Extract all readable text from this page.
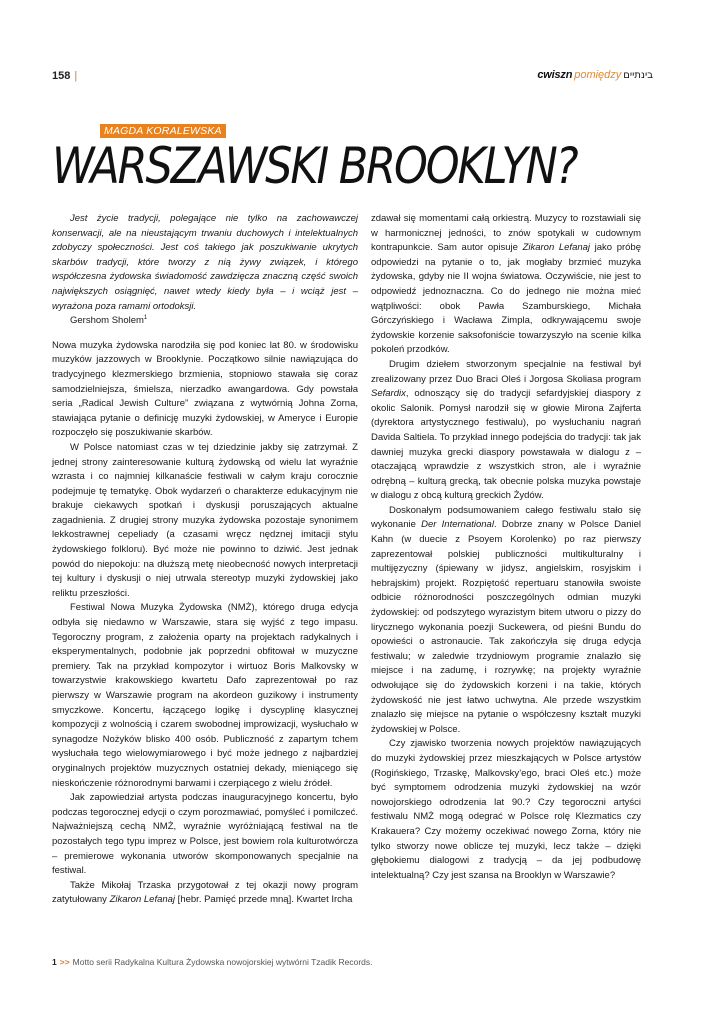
158 |	cwiszn pomiędzy בינתיים
MAGDA KORALEWSKA
WARSZAWSKI BROOKLYN?

Jest życie tradycji, polegające nie tylko na zachowawczej konserwacji, ale na nieustającym trwaniu duchowych i intelektualnych zdobyczy społeczności. Jest coś takiego jak poszukiwanie ukrytych skarbów tradycji, które tworzy z nią żywy związek, i którego współczesna żydowska świadomość zawdzięcza znaczną część swoich największych osiągnięć, nawet wtedy kiedy była – i wciąż jest – wyrażona poza ramami ortodoksji.

Gershom Sholem$^1$

Nowa muzyka żydowska narodziła się pod koniec lat 80. w środowisku muzyków jazzowych w Brooklynie. Początkowo silnie nawiązująca do tradycyjnego klezmerskiego brzmienia, stopniowo stawała się coraz samodzielniejsza, śmielsza, nierzadko awangardowa. Gdy powstała seria „Radical Jewish Culture” związana z wytwórnią Johna Zorna, stawiająca pytanie o definicję muzyki żydowskiej, w Ameryce i Europie rozpoczęło się poszukiwanie skarbów.

W Polsce natomiast czas w tej dziedzinie jakby się zatrzymał. Z jednej strony zainteresowanie kulturą żydowską od wielu lat wyraźnie wzrasta i co najmniej kilkanaście festiwali w całym kraju corocznie podejmuje tę tematykę. Obok wydarzeń o charakterze edukacyjnym nie brakuje ciekawych spotkań i dyskusji poruszających aktualne zagadnienia. Z drugiej strony muzyka żydowska pozostaje synonimem lekkostrawnej cepeliady (a czasami wręcz nędznej imitacji stylu żydowskiego folkloru). Być może nie powinno to dziwić. Jest jednak powód do niepokoju: na dłuższą metę nieobecność nowych interpretacji tej kultury i dyskusji o niej utrwala stereotyp muzyki żydowskiej jako reliktu przeszłości.

Festiwal Nowa Muzyka Żydowska (NMŻ), którego druga edycja odbyła się niedawno w Warszawie, stara się wyjść z tego impasu. Tegoroczny program, z założenia oparty na projektach radykalnych i eksperymentalnych, podobnie jak poprzedni obfitował w muzyczne premiery. Tak na przykład kompozytor i wirtuoz Boris Malkovsky w towarzystwie krakowskiego kwartetu Dafo zaprezentował po raz pierwszy w Warszawie program na akordeon guzikowy i instrumenty smyczkowe. Koncertu, łączącego logikę i dyscyplinę klasycznej kompozycji z wolnością i czarem swobodnej improwizacji, wysłuchało w synagodze Nożyków blisko 400 osób. Publiczność z zapartym tchem wysłuchała tego wielowymiarowego i być może jednego z najbardziej oryginalnych projektów muzycznych ostatniej dekady, mieniącego się nieskończenie różnorodnymi barwami i czerpiącego z wielu źródeł.

Jak zapowiedział artysta podczas inauguracyjnego koncertu, było podczas tegorocznej edycji o czym porozmawiać, pomyśleć i pomilczeć. Najważniejszą cechą NMŻ, wyraźnie wyróżniającą festiwal na tle pozostałych tego typu imprez w Polsce, jest bowiem rola kulturotwórcza – premierowe wykonania utworów skomponowanych specjalnie na festiwal.

Także Mikołaj Trzaska przygotował z tej okazji nowy program zatytułowany Zikaron Lefanaj [hebr. Pamięć przede mną]. Kwartet Ircha

zdawał się momentami całą orkiestrą. Muzycy to rozstawiali się w harmonicznej jedności, to znów spotykali w cudownym kontrapunkcie. Sam autor opisuje Zikaron Lefanaj jako próbę odpowiedzi na pytanie o to, jak mogłaby brzmieć muzyka żydowska, gdyby nie II wojna światowa. Oczywiście, nie jest to odpowiedź jednoznaczna. Co do jednego nie można mieć wątpliwości: obok Pawła Szamburskiego, Michała Górczyńskiego i Wacława Zimpla, odkrywającemu swoje żydowskie korzenie saksofoniście towarzyszyło na scenie kilka pokoleń przodków.

Drugim dziełem stworzonym specjalnie na festiwal był zrealizowany przez Duo Braci Oleś i Jorgosa Skoliasa program Sefardix, odnoszący się do tradycji sefardyjskiej diaspory z okolic Salonik. Pomysł narodził się w głowie Mirona Zajferta (dyrektora artystycznego festiwalu), po wysłuchaniu nagrań Davida Saltiela. To przykład innego podejścia do tradycji: tak jak dawniej muzyka grecki diaspory powstawała w dialogu z – otaczającą wprawdzie z wszystkich stron, ale i wyraźnie odrębną – kulturą grecką, tak obecnie polska muzyka powstaje w dialogu z obcą kulturą greckich Żydów.

Doskonałym podsumowaniem całego festiwalu stało się wykonanie Der International. Dobrze znany w Polsce Daniel Kahn (w duecie z Psoyem Korolenko) po raz pierwszy zaprezentował polskiej publiczności multikulturalny i multijęzyczny (śpiewany w jidysz, angielskim, rosyjskim i hebrajskim) projekt. Rozpiętość repertuaru stanowiła swoiste odbicie różnorodności poszczególnych odmian muzyki żydowskiej: od podszytego wyrazistym bitem utworu o pizzy do lirycznego wykonania poezji Suckewera, od pieśni Bundu do opowieści o astronaucie. Tak zakończyła się druga edycja festiwalu; w zaledwie trzydniowym programie znalazło się miejsce i na zadumę, i rozrywkę; na projekty wyraźnie odwołujące się do żydowskich korzeni i na takie, których żydowskość nie jest łatwo uchwytna. Ale przede wszystkim znalazło się miejsce na pytanie o współczesny kształt muzyki żydowskiej w Polsce.

Czy zjawisko tworzenia nowych projektów nawiązujących do muzyki żydowskiej przez mieszkających w Polsce artystów (Rogińskiego, Trzaskę, Malkovsky’ego, braci Oleś etc.) może być symptomem odrodzenia muzyki żydowskiej na wzór nowojorskiego odrodzenia lat 90.? Czy tegoroczni artyści festiwalu NMŻ mogą odegrać w Polsce rolę Klezmatics czy Krakauera? Czy możemy oczekiwać nowego Zorna, który nie tylko stworzy nowe oblicze tej muzyki, lecz także – dzięki głębokiemu dialogowi z tradycją – da jej podbudowę intelektualną? Czy jest szansa na Brooklyn w Warszawie?

1 >> Motto serii Radykalna Kultura Żydowska nowojorskiej wytwórni Tzadik Records.
